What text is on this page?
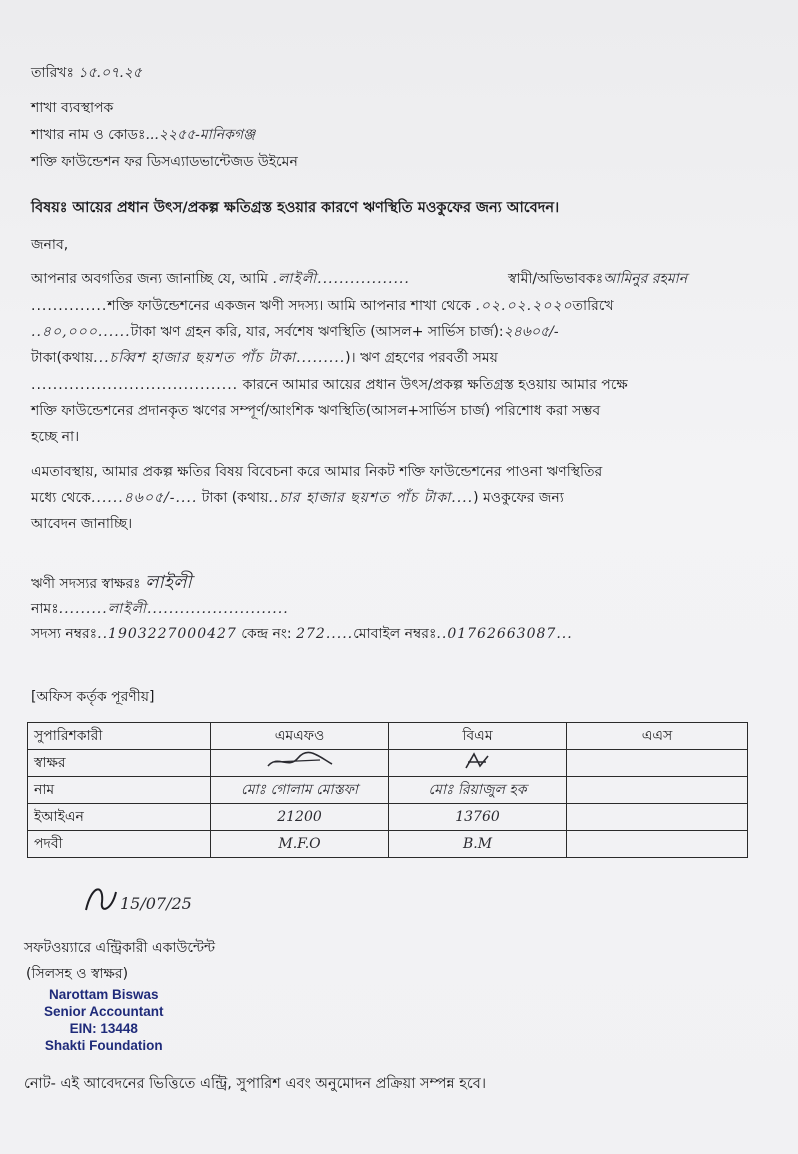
তারিখঃ ১৫.০৭.২৫
শাখা ব্যবস্থাপক
শাখার নাম ও কোডঃ...২২৫৫-মানিকগঞ্জ
শক্তি ফাউন্ডেশন ফর ডিসএ্যাডভান্টেজড উইমেন
বিষয়ঃ আয়ের প্রধান উৎস/প্রকল্প ক্ষতিগ্রস্ত হওয়ার কারণে ঋণস্থিতি মওকুফের জন্য আবেদন।
জনাব,
আপনার অবগতির জন্য জানাচ্ছি যে, আমি .লাইলী.................	স্বামী/অভিভাবকঃআমিনুর রহমান
..............শক্তি ফাউন্ডেশনের একজন ঋণী সদস্য। আমি আপনার শাখা থেকে .০২.০২.২০২০তারিখে
..৪০,০০০......টাকা ঋণ গ্রহন করি, যার, সর্বশেষ ঋণস্থিতি (আসল+ সার্ভিস চার্জ):২৪৬০৫/-
টাকা(কথায়...চব্বিশ হাজার ছয়শত পাঁচ টাকা.........)। ঋণ গ্রহণের পরবর্তী সময়
...................................... কারনে আমার আয়ের প্রধান উৎস/প্রকল্প ক্ষতিগ্রস্ত হওয়ায় আমার পক্ষে
শক্তি ফাউন্ডেশনের প্রদানকৃত ঋণের সম্পূর্ণ/আংশিক ঋণস্থিতি(আসল+সার্ভিস চার্জ) পরিশোধ করা সম্ভব
হচ্ছে না।
এমতাবস্থায়, আমার প্রকল্প ক্ষতির বিষয় বিবেচনা করে আমার নিকট শক্তি ফাউন্ডেশনের পাওনা ঋণস্থিতির
মধ্যে থেকে......৪৬০৫/-.... টাকা (কথায়..চার হাজার ছয়শত পাঁচ টাকা....) মওকুফের জন্য
আবেদন জানাচ্ছি।
ঋণী সদস্যর স্বাক্ষরঃ লাইলী
নামঃ.........লাইলী..........................
সদস্য নম্বরঃ..1903227000427 কেন্দ্র নং: 272.....মোবাইল নম্বরঃ..01762663087...
[অফিস কর্তৃক পূরণীয়]
সুপারিশকারী	এমএফও	বিএম	এএস
স্বাক্ষর			
নাম	মোঃ গোলাম মোস্তফা	মোঃ রিয়াজুল হক	
ইআইএন	21200	13760	
পদবী	M.F.O	B.M	
15/07/25
সফটওয়্যারে এন্ট্রিকারী একাউন্টেন্ট
(সিলসহ ও স্বাক্ষর)
Narottam Biswas
Senior Accountant
EIN: 13448
Shakti Foundation
নোট- এই আবেদনের ভিত্তিতে এন্ট্রি, সুপারিশ এবং অনুমোদন প্রক্রিয়া সম্পন্ন হবে।
